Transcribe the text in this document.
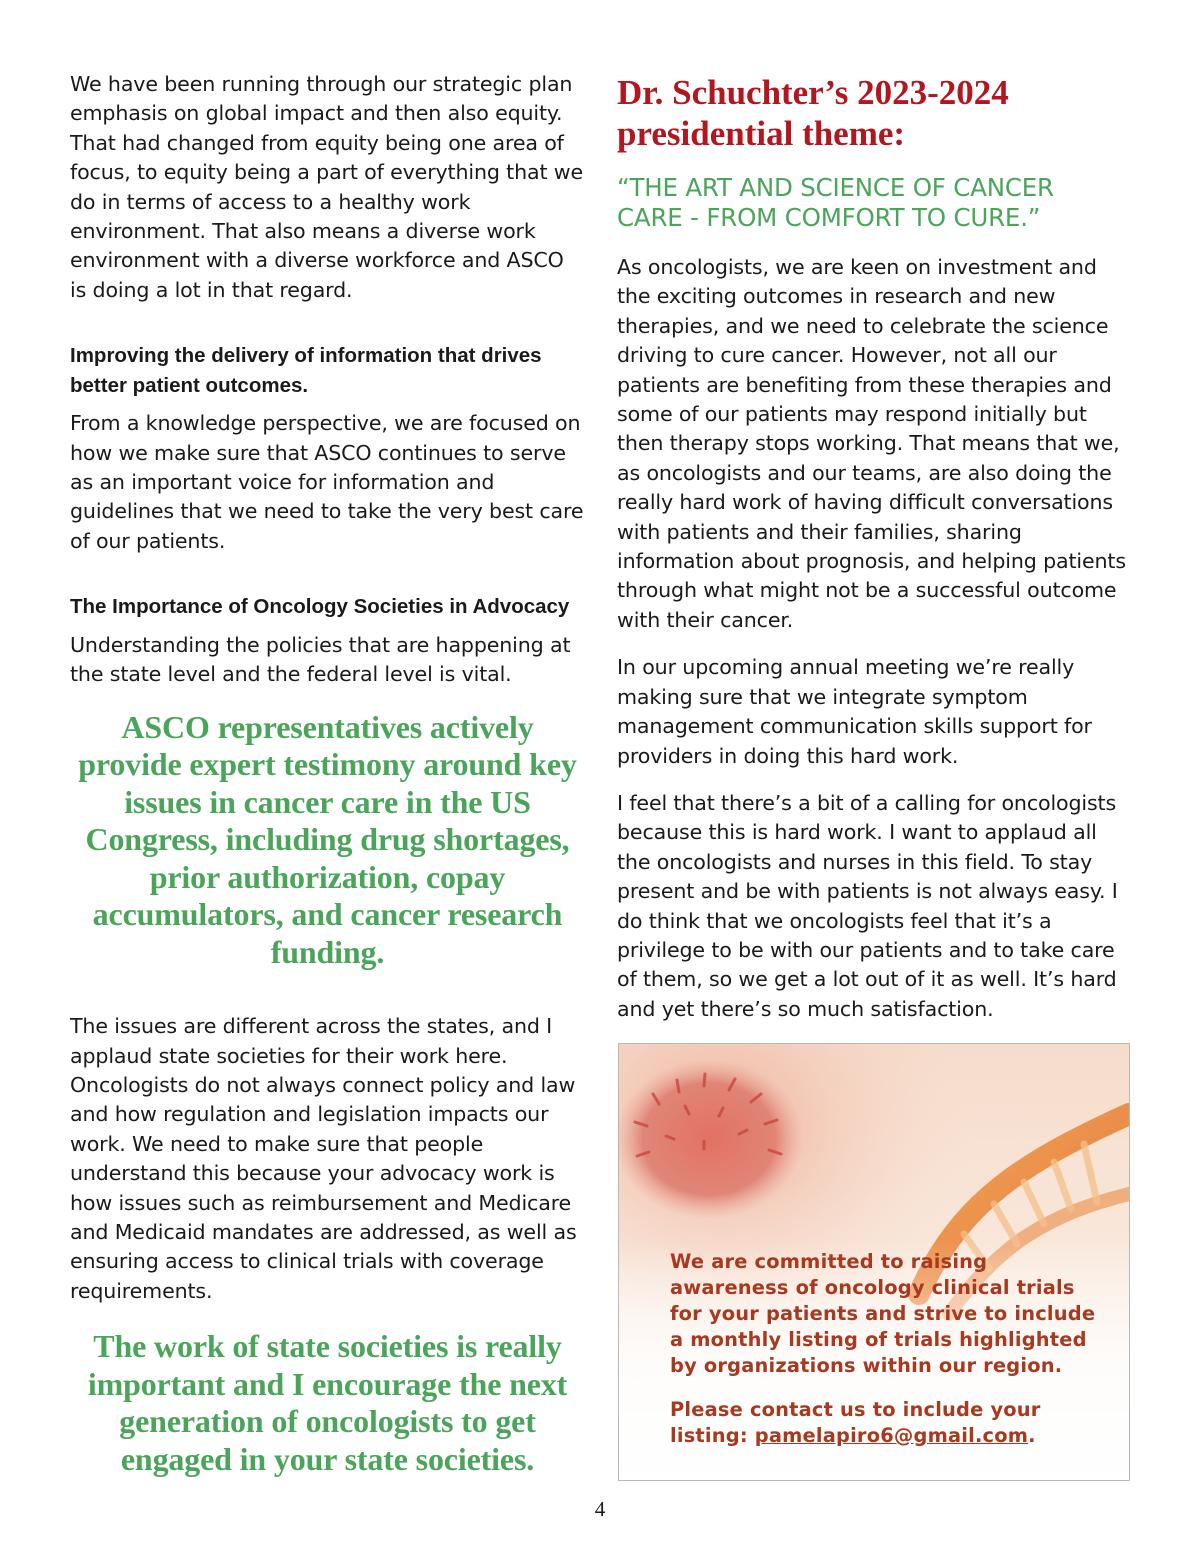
We have been running through our strategic plan emphasis on global impact and then also equity. That had changed from equity being one area of focus, to equity being a part of everything that we do in terms of access to a healthy work environment. That also means a diverse work environment with a diverse workforce and ASCO is doing a lot in that regard.

Improving the delivery of information that drives better patient outcomes.

From a knowledge perspective, we are focused on how we make sure that ASCO continues to serve as an important voice for information and guidelines that we need to take the very best care of our patients.

The Importance of Oncology Societies in Advocacy

Understanding the policies that are happening at the state level and the federal level is vital.

ASCO representatives actively provide expert testimony around key issues in cancer care in the US Congress, including drug shortages, prior authorization, copay accumulators, and cancer research funding.

The issues are different across the states, and I applaud state societies for their work here. Oncologists do not always connect policy and law and how regulation and legislation impacts our work. We need to make sure that people understand this because your advocacy work is how issues such as reimbursement and Medicare and Medicaid mandates are addressed, as well as ensuring access to clinical trials with coverage requirements.

The work of state societies is really important and I encourage the next generation of oncologists to get engaged in your state societies.

Dr. Schuchter’s 2023-2024
presidential theme:
“THE ART AND SCIENCE OF CANCER
CARE - FROM COMFORT TO CURE.”

As oncologists, we are keen on investment and the exciting outcomes in research and new therapies, and we need to celebrate the science driving to cure cancer. However, not all our patients are benefiting from these therapies and some of our patients may respond initially but then therapy stops working. That means that we, as oncologists and our teams, are also doing the really hard work of having difficult conversations with patients and their families, sharing information about prognosis, and helping patients through what might not be a successful outcome with their cancer.

In our upcoming annual meeting we’re really making sure that we integrate symptom management communication skills support for providers in doing this hard work.

I feel that there’s a bit of a calling for oncologists because this is hard work. I want to applaud all the oncologists and nurses in this field. To stay present and be with patients is not always easy. I do think that we oncologists feel that it’s a privilege to be with our patients and to take care of them, so we get a lot out of it as well. It’s hard and yet there’s so much satisfaction.

We are committed to raising awareness of oncology clinical trials for your patients and strive to include a monthly listing of trials highlighted by organizations within our region.

Please contact us to include your listing: pamelapiro6@gmail.com.

4
